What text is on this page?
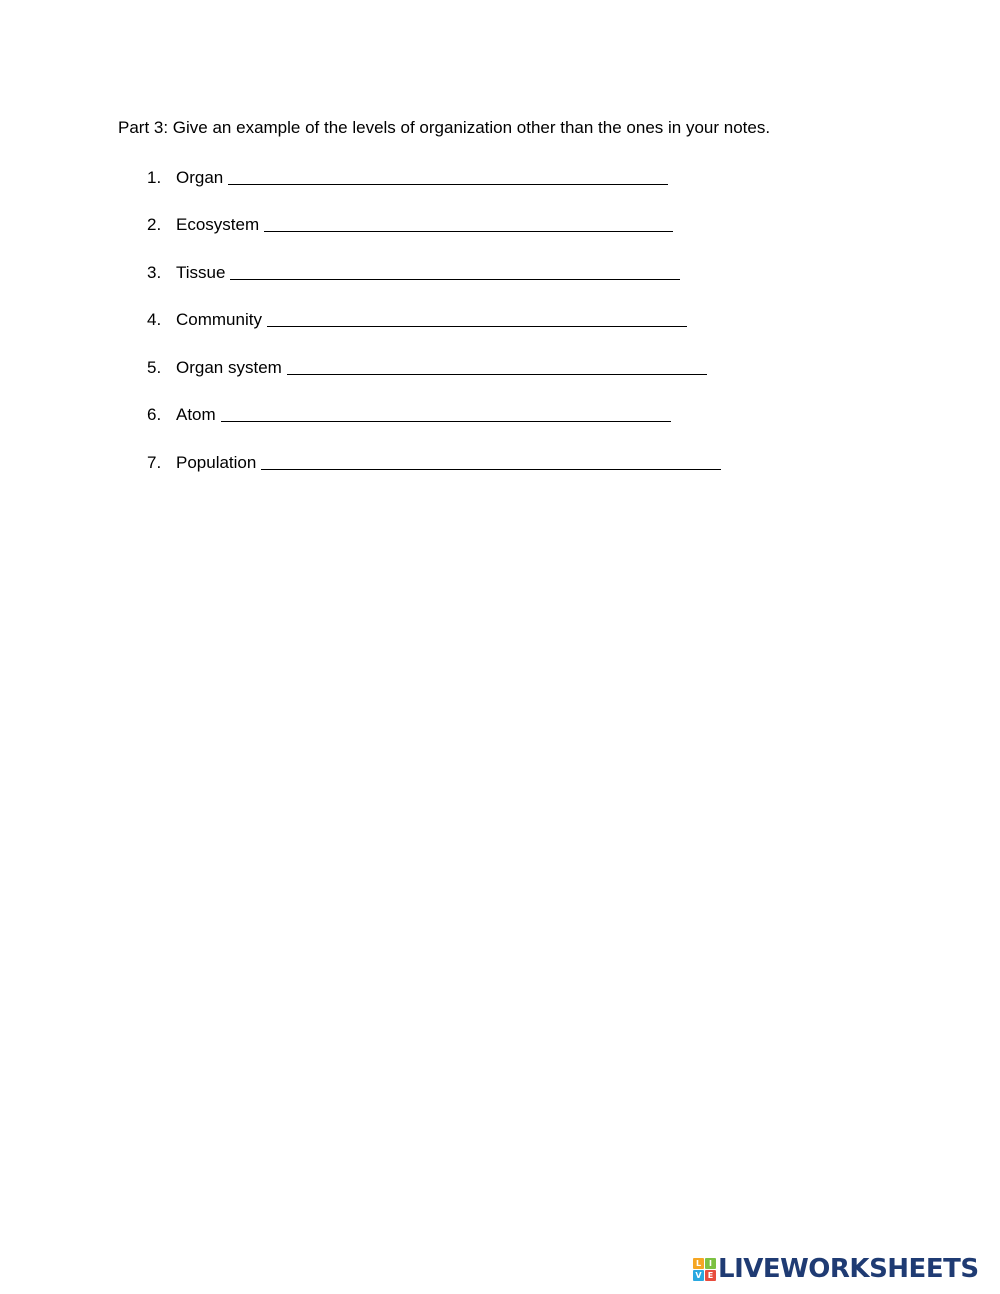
Part 3: Give an example of the levels of organization other than the ones in your notes.
1. Organ
2. Ecosystem
3. Tissue
4. Community
5. Organ system
6. Atom
7. Population
L I
V E LIVEWORKSHEETS
